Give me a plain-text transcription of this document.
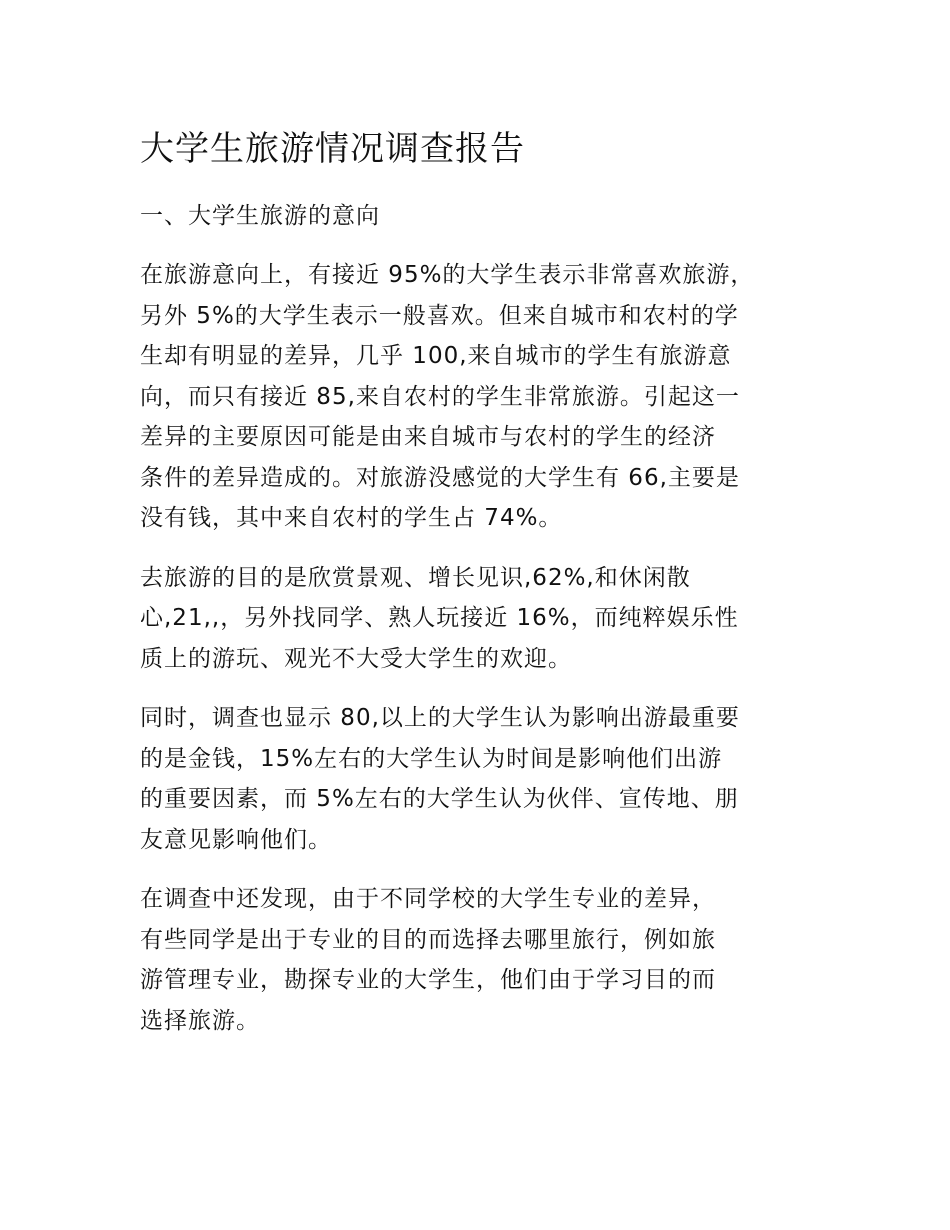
大学生旅游情况调查报告
一、大学生旅游的意向

在旅游意向上，有接近 95%的大学生表示非常喜欢旅游，
另外 5%的大学生表示一般喜欢。但来自城市和农村的学
生却有明显的差异，几乎 100,来自城市的学生有旅游意
向，而只有接近 85,来自农村的学生非常旅游。引起这一
差异的主要原因可能是由来自城市与农村的学生的经济
条件的差异造成的。对旅游没感觉的大学生有 66,主要是
没有钱，其中来自农村的学生占 74%。

去旅游的目的是欣赏景观、增长见识,62%,和休闲散
心,21,,，另外找同学、熟人玩接近 16%，而纯粹娱乐性
质上的游玩、观光不大受大学生的欢迎。

同时，调查也显示 80,以上的大学生认为影响出游最重要
的是金钱，15%左右的大学生认为时间是影响他们出游
的重要因素，而 5%左右的大学生认为伙伴、宣传地、朋
友意见影响他们。

在调查中还发现，由于不同学校的大学生专业的差异，
有些同学是出于专业的目的而选择去哪里旅行，例如旅
游管理专业，勘探专业的大学生，他们由于学习目的而
选择旅游。
